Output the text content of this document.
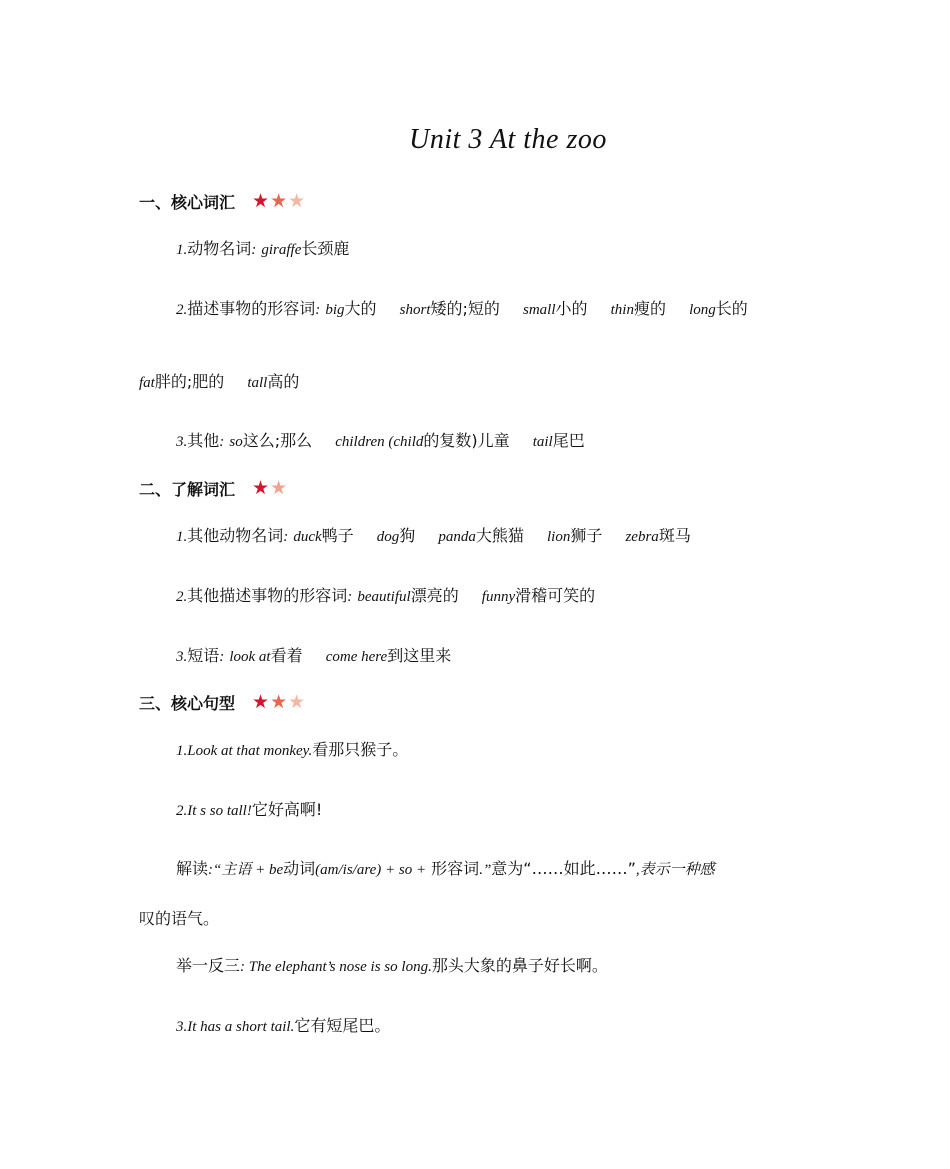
Unit 3 At the zoo
一、核心词汇 ★ ★ ★
1.动物名词: giraffe长颈鹿
2.描述事物的形容词: big大的 short矮的;短的 small小的 thin瘦的 long长的
fat胖的;肥的 tall高的
3.其他: so这么;那么 children (child的复数)儿童 tail尾巴
二、了解词汇 ★ ★
1.其他动物名词: duck鸭子 dog狗 panda大熊猫 lion狮子 zebra斑马
2.其他描述事物的形容词: beautiful漂亮的 funny滑稽可笑的
3.短语: look at看着 come here到这里来
三、核心句型 ★ ★ ★
1.Look at that monkey.看那只猴子。
2.It s so tall!它好高啊!
解读:“主语 + be动词(am/is/are) + so + 形容词.”意为“……如此……”,表示一种感
叹的语气。
举一反三: The elephant’s nose is so long.那头大象的鼻子好长啊。
3.It has a short tail.它有短尾巴。
